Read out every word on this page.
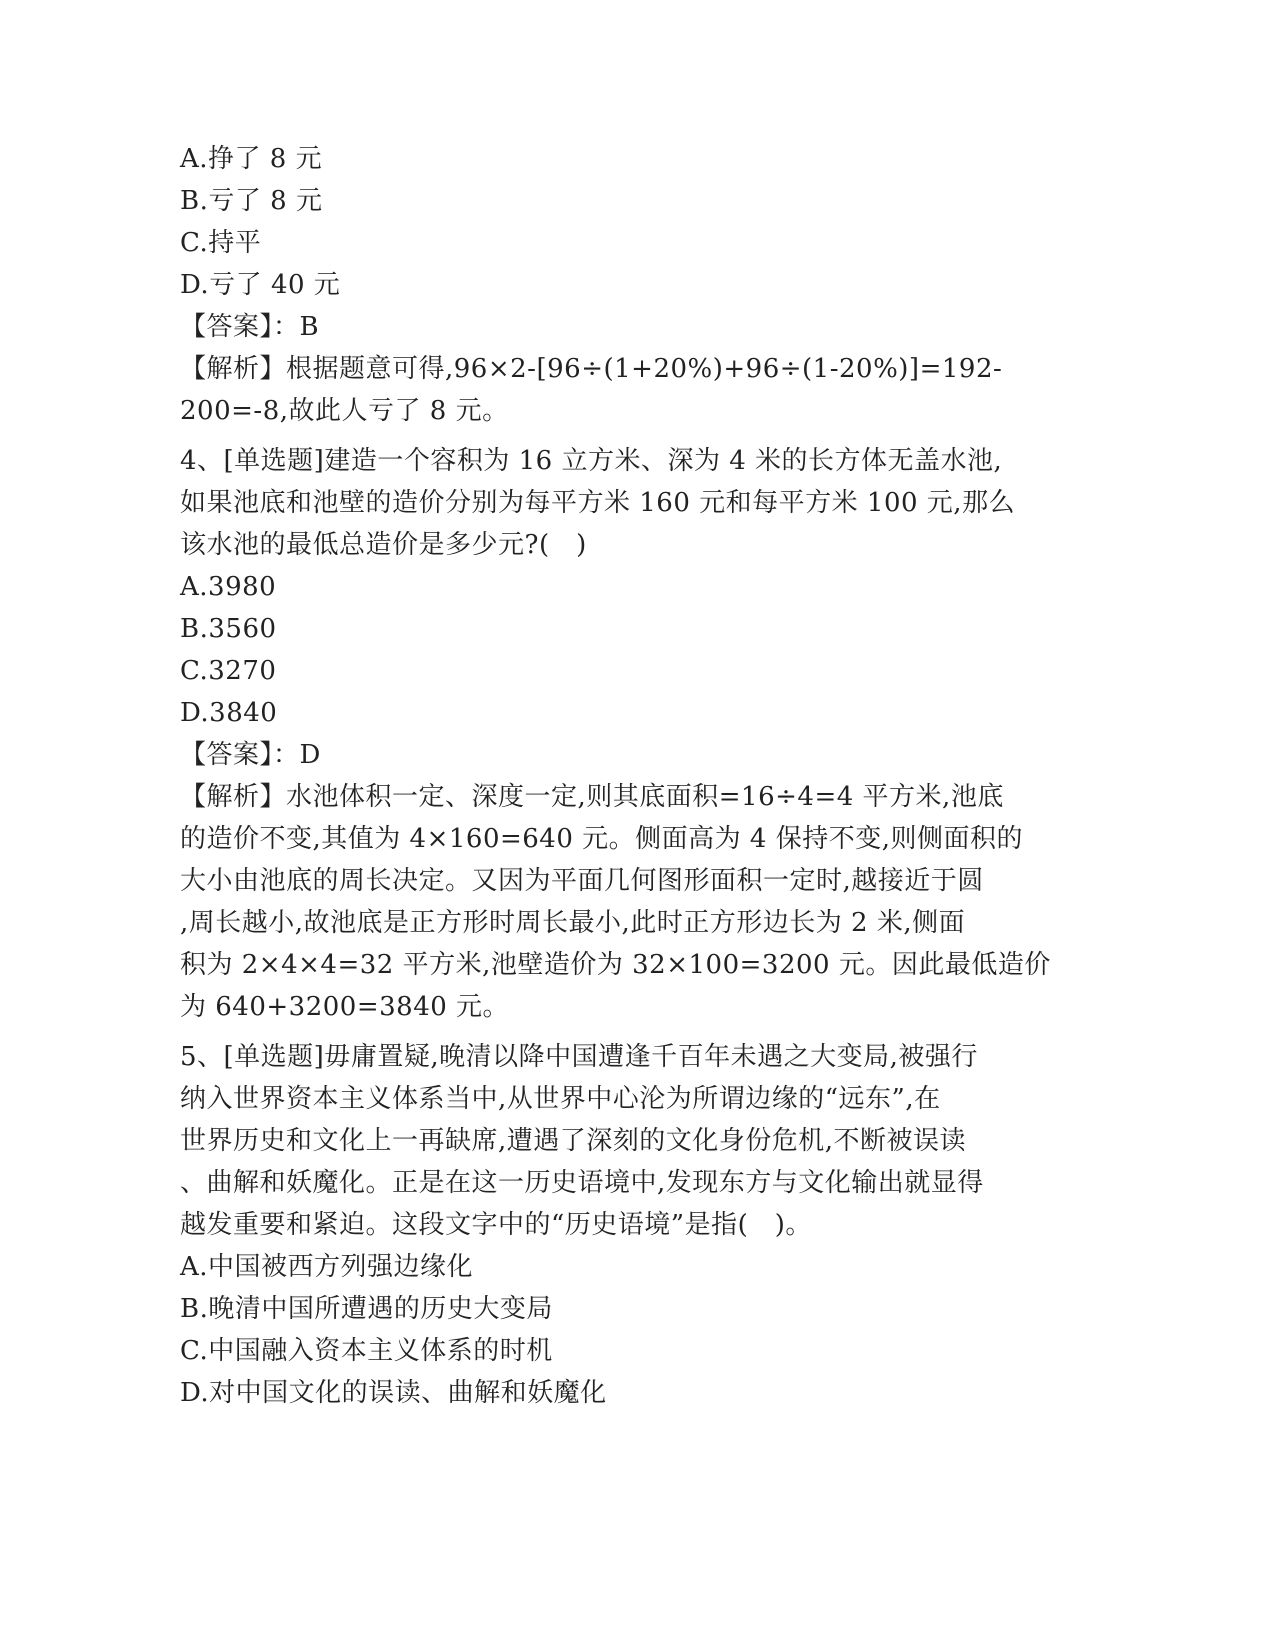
A.挣了 8 元
B.亏了 8 元
C.持平
D.亏了 40 元
【答案】：B
【解析】根据题意可得,96×2-[96÷(1+20%)+96÷(1-20%)]=192-
200=-8,故此人亏了 8 元。
4、[单选题]建造一个容积为 16 立方米、深为 4 米的长方体无盖水池,
如果池底和池壁的造价分别为每平方米 160 元和每平方米 100 元,那么
该水池的最低总造价是多少元?(　)
A.3980
B.3560
C.3270
D.3840
【答案】：D
【解析】水池体积一定、深度一定,则其底面积=16÷4=4 平方米,池底
的造价不变,其值为 4×160=640 元。侧面高为 4 保持不变,则侧面积的
大小由池底的周长决定。又因为平面几何图形面积一定时,越接近于圆
,周长越小,故池底是正方形时周长最小,此时正方形边长为 2 米,侧面
积为 2×4×4=32 平方米,池壁造价为 32×100=3200 元。因此最低造价
为 640+3200=3840 元。
5、[单选题]毋庸置疑,晚清以降中国遭逢千百年未遇之大变局,被强行
纳入世界资本主义体系当中,从世界中心沦为所谓边缘的“远东”,在
世界历史和文化上一再缺席,遭遇了深刻的文化身份危机,不断被误读
、曲解和妖魔化。正是在这一历史语境中,发现东方与文化输出就显得
越发重要和紧迫。这段文字中的“历史语境”是指(　)。
A.中国被西方列强边缘化
B.晚清中国所遭遇的历史大变局
C.中国融入资本主义体系的时机
D.对中国文化的误读、曲解和妖魔化
